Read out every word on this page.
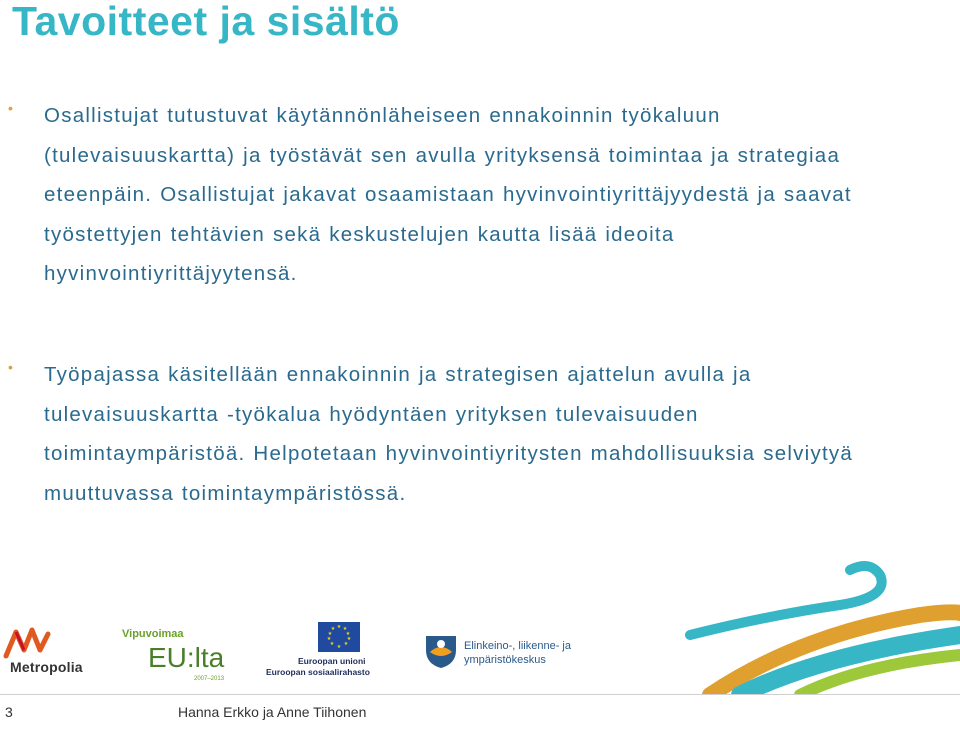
Tavoitteet ja sisältö
• Osallistujat tutustuvat käytännönläheiseen ennakoinnin työkaluun (tulevaisuuskartta) ja työstävät sen avulla yrityksensä toimintaa ja strategiaa eteenpäin. Osallistujat jakavat osaamistaan hyvinvointiyrittäjyydestä ja saavat työstettyjen tehtävien sekä keskustelujen kautta lisää ideoita hyvinvointiyrittäjyytensä.

• Työpajassa käsitellään ennakoinnin ja strategisen ajattelun avulla ja tulevaisuuskartta -työkalua hyödyntäen yrityksen tulevaisuuden toimintaympäristöä. Helpotetaan hyvinvointiyritysten mahdollisuuksia selviytyä muuttuvassa toimintaympäristössä.

Metropolia
Vipuvoimaa
EU:lta
2007–2013
★ ★
★
★
★
★
★
★
★
★
Euroopan unioni
Euroopan sosiaalirahasto
Elinkeino-, liikenne- ja
ympäristökeskus
3	Hanna Erkko ja Anne Tiihonen
